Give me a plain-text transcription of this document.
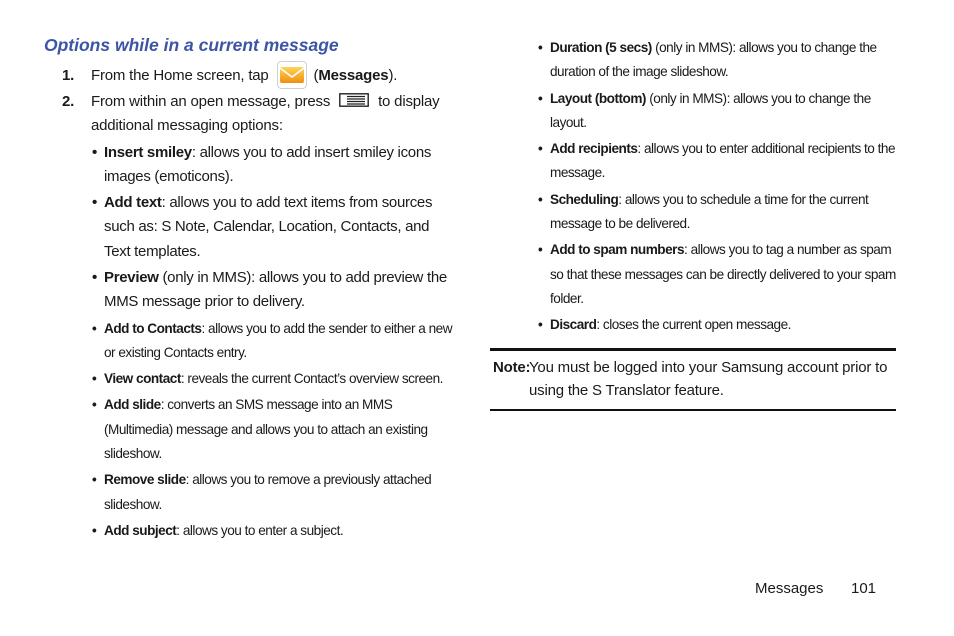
Options while in a current message
1. From the Home screen, tap	(Messages).
2. From within an open message, press	to display additional messaging options:
• Insert smiley: allows you to add insert smiley icons images (emoticons).
• Add text: allows you to add text items from sources such as: S Note, Calendar, Location, Contacts, and Text templates.
• Preview (only in MMS): allows you to add preview the MMS message prior to delivery.
• Add to Contacts: allows you to add the sender to either a new or existing Contacts entry.
• View contact: reveals the current Contact’s overview screen.
• Add slide: converts an SMS message into an MMS (Multimedia) message and allows you to attach an existing slideshow.
• Remove slide: allows you to remove a previously attached slideshow.
• Add subject: allows you to enter a subject.
• Duration (5 secs) (only in MMS): allows you to change the duration of the image slideshow.
• Layout (bottom) (only in MMS): allows you to change the layout.
• Add recipients: allows you to enter additional recipients to the message.
• Scheduling: allows you to schedule a time for the current message to be delivered.
• Add to spam numbers: allows you to tag a number as spam so that these messages can be directly delivered to your spam folder.
• Discard: closes the current open message.
Note:
You must be logged into your Samsung account prior to using the S Translator feature.
Messages 101
